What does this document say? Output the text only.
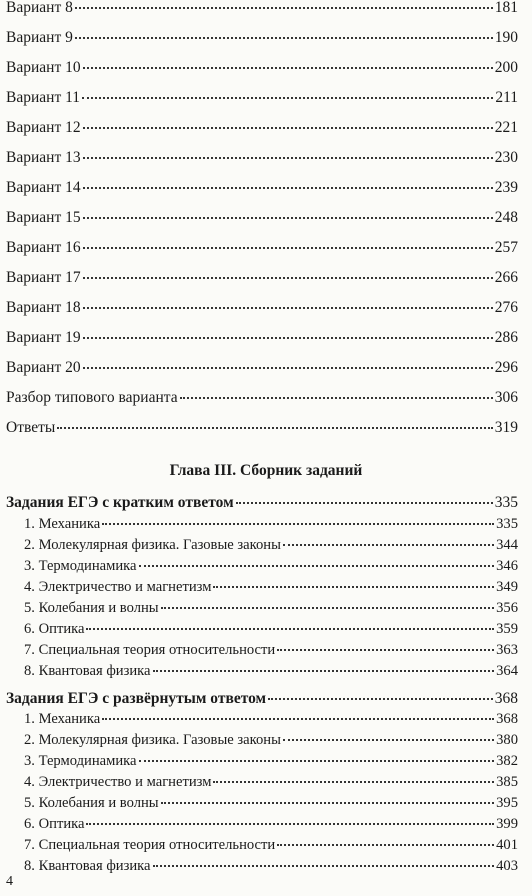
Вариант 8	181
Вариант 9	190
Вариант 10	200
Вариант 11	211
Вариант 12	221
Вариант 13	230
Вариант 14	239
Вариант 15	248
Вариант 16	257
Вариант 17	266
Вариант 18	276
Вариант 19	286
Вариант 20	296
Разбор типового варианта	306
Ответы	319
Глава III. Сборник заданий
Задания ЕГЭ с кратким ответом	335
1. Механика	335
2. Молекулярная физика. Газовые законы	344
3. Термодинамика	346
4. Электричество и магнетизм	349
5. Колебания и волны	356
6. Оптика	359
7. Специальная теория относительности	363
8. Квантовая физика	364
Задания ЕГЭ с развёрнутым ответом	368
1. Механика	368
2. Молекулярная физика. Газовые законы	380
3. Термодинамика	382
4. Электричество и магнетизм	385
5. Колебания и волны	395
6. Оптика	399
7. Специальная теория относительности	401
8. Квантовая физика	403
4
